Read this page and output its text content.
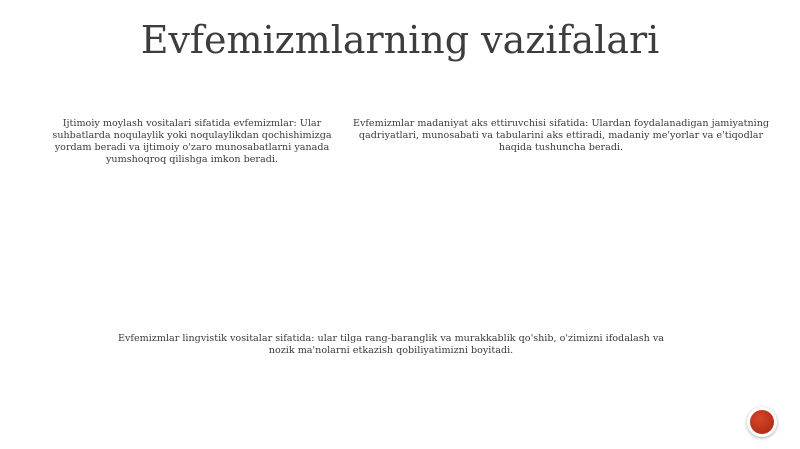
Evfemizmlarning vazifalari

Ijtimoiy moylash vositalari sifatida evfemizmlar: Ular suhbatlarda noqulaylik yoki noqulaylikdan qochishimizga yordam beradi va ijtimoiy o'zaro munosabatlarni yanada yumshoqroq qilishga imkon beradi.

Evfemizmlar madaniyat aks ettiruvchisi sifatida: Ulardan foydalanadigan jamiyatning qadriyatlari, munosabati va tabularini aks ettiradi, madaniy me'yorlar va e'tiqodlar haqida tushuncha beradi.

Evfemizmlar lingvistik vositalar sifatida: ular tilga rang-baranglik va murakkablik qo'shib, o'zimizni ifodalash va nozik ma'nolarni etkazish qobiliyatimizni boyitadi.
